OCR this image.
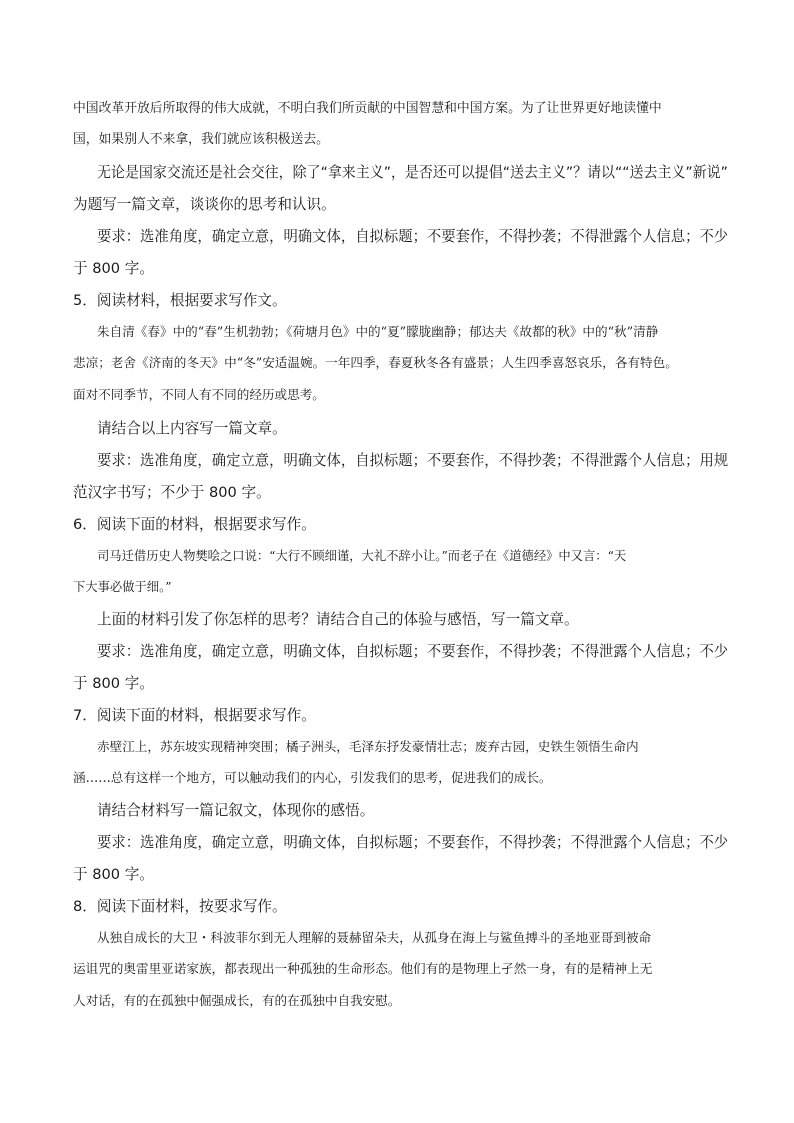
中国改革开放后所取得的伟大成就，不明白我们所贡献的中国智慧和中国方案。为了让世界更好地读懂中
国，如果别人不来拿，我们就应该积极送去。
无论是国家交流还是社会交往，除了“拿来主义”，是否还可以提倡“送去主义”？请以““送去主义”新说”
为题写一篇文章，谈谈你的思考和认识。
要求：选准角度，确定立意，明确文体，自拟标题；不要套作，不得抄袭；不得泄露个人信息；不少
于 800 字。
5．阅读材料，根据要求写作文。
朱自清《春》中的“春”生机勃勃；《荷塘月色》中的“夏”朦胧幽静；郁达夫《故都的秋》中的“秋”清静
悲凉；老舍《济南的冬天》中“冬”安适温婉。一年四季，春夏秋冬各有盛景；人生四季喜怒哀乐，各有特色。
面对不同季节，不同人有不同的经历或思考。
请结合以上内容写一篇文章。
要求：选准角度，确定立意，明确文体，自拟标题；不要套作，不得抄袭；不得泄露个人信息；用规
范汉字书写；不少于 800 字。
6．阅读下面的材料，根据要求写作。
司马迁借历史人物樊哙之口说：“大行不顾细谨，大礼不辞小让。”而老子在《道德经》中又言：“天
下大事必做于细。”
上面的材料引发了你怎样的思考？请结合自己的体验与感悟，写一篇文章。
要求：选准角度，确定立意，明确文体，自拟标题；不要套作，不得抄袭；不得泄露个人信息；不少
于 800 字。
7．阅读下面的材料，根据要求写作。
赤壁江上，苏东坡实现精神突围；橘子洲头，毛泽东抒发豪情壮志；废弃古园，史铁生领悟生命内
涵……总有这样一个地方，可以触动我们的内心，引发我们的思考，促进我们的成长。
请结合材料写一篇记叙文，体现你的感悟。
要求：选准角度，确定立意，明确文体，自拟标题；不要套作，不得抄袭；不得泄露个人信息；不少
于 800 字。
8．阅读下面材料，按要求写作。
从独自成长的大卫・科波菲尔到无人理解的聂赫留朵夫，从孤身在海上与鲨鱼搏斗的圣地亚哥到被命
运诅咒的奥雷里亚诺家族，都表现出一种孤独的生命形态。他们有的是物理上孑然一身，有的是精神上无
人对话，有的在孤独中倔强成长，有的在孤独中自我安慰。
